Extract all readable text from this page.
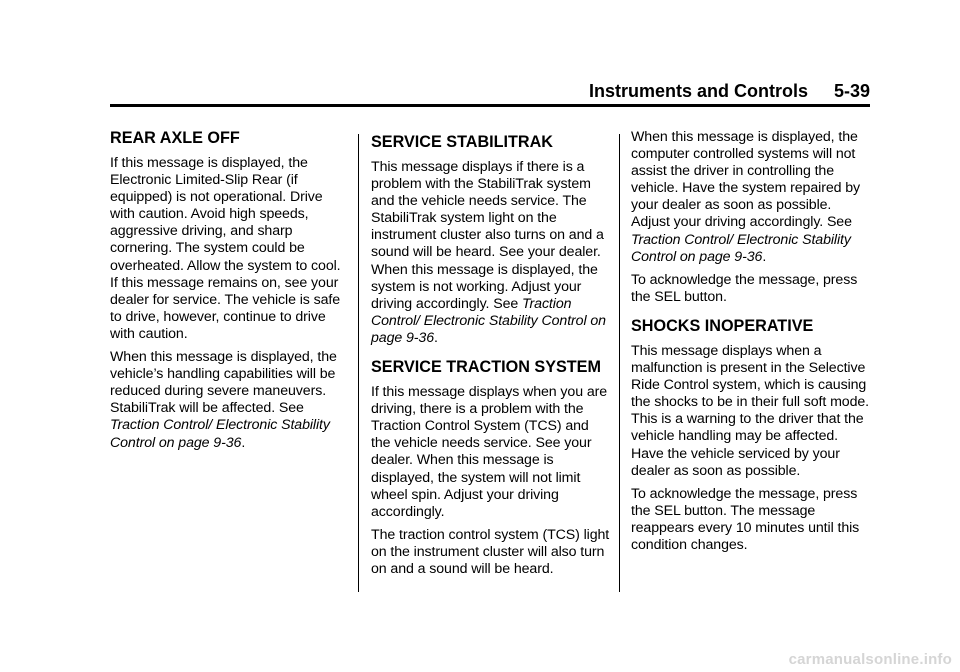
Instruments and Controls 5-39
REAR AXLE OFF

If this message is displayed, the Electronic Limited-Slip Rear (if equipped) is not operational. Drive with caution. Avoid high speeds, aggressive driving, and sharp cornering. The system could be overheated. Allow the system to cool. If this message remains on, see your dealer for service. The vehicle is safe to drive, however, continue to drive with caution.

When this message is displayed, the vehicle’s handling capabilities will be reduced during severe maneuvers. StabiliTrak will be affected. See Traction Control/ Electronic Stability Control on page 9-36.

SERVICE STABILITRAK

This message displays if there is a problem with the StabiliTrak system and the vehicle needs service. The StabiliTrak system light on the instrument cluster also turns on and a sound will be heard. See your dealer. When this message is displayed, the system is not working. Adjust your driving accordingly. See Traction Control/ Electronic Stability Control on page 9-36.

SERVICE TRACTION SYSTEM

If this message displays when you are driving, there is a problem with the Traction Control System (TCS) and the vehicle needs service. See your dealer. When this message is displayed, the system will not limit wheel spin. Adjust your driving accordingly.

The traction control system (TCS) light on the instrument cluster will also turn on and a sound will be heard.

When this message is displayed, the computer controlled systems will not assist the driver in controlling the vehicle. Have the system repaired by your dealer as soon as possible. Adjust your driving accordingly. See Traction Control/ Electronic Stability Control on page 9-36.

To acknowledge the message, press the SEL button.

SHOCKS INOPERATIVE

This message displays when a malfunction is present in the Selective Ride Control system, which is causing the shocks to be in their full soft mode. This is a warning to the driver that the vehicle handling may be affected. Have the vehicle serviced by your dealer as soon as possible.

To acknowledge the message, press the SEL button. The message reappears every 10 minutes until this condition changes.

carmanualsonline.info
